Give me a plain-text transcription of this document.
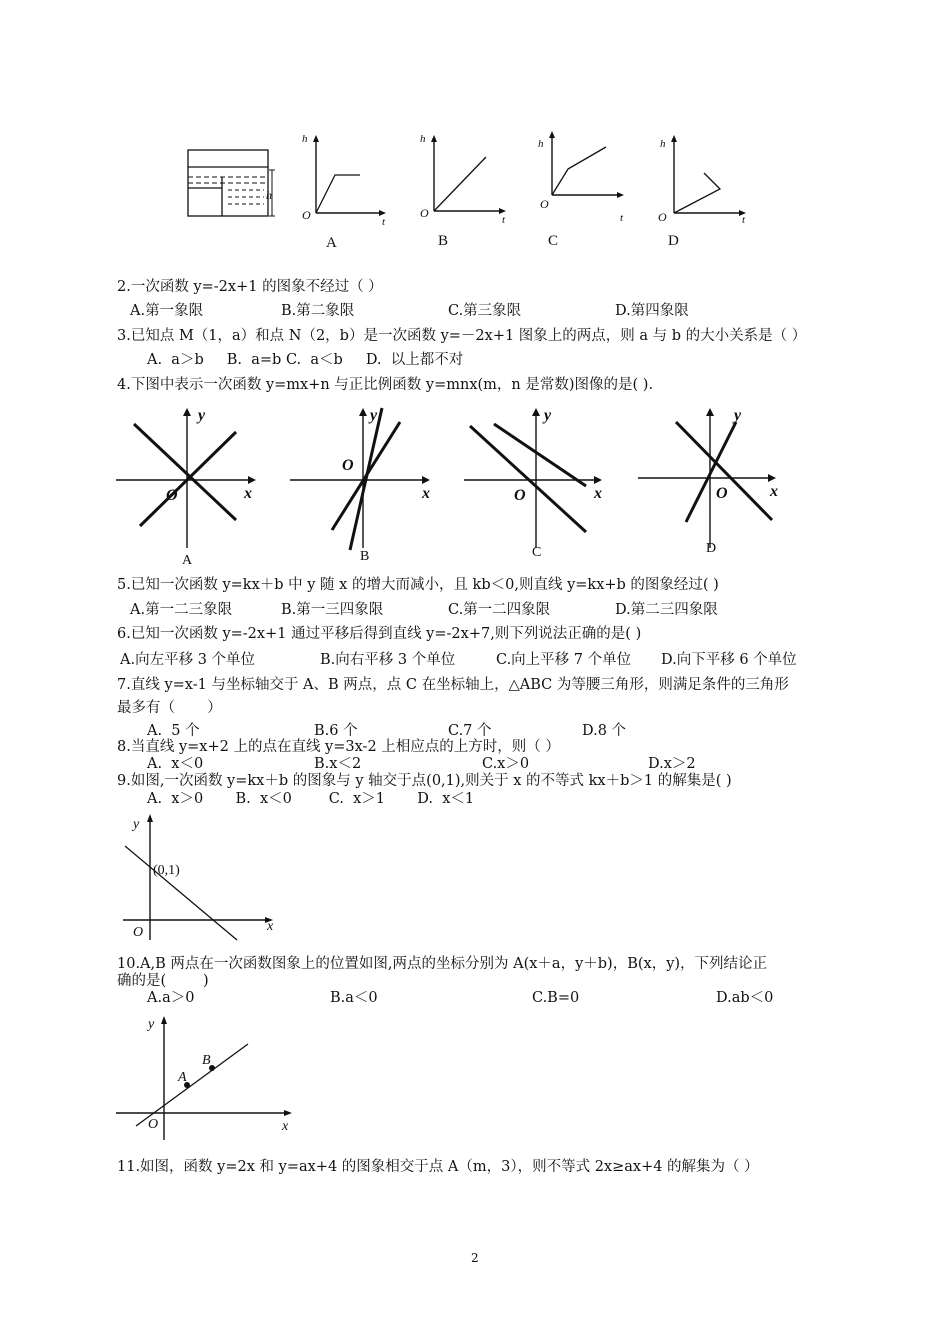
h
h
t
O
A
h
t
O
B
h
t
O
C
h
t
O
D
2.一次函数 y=-2x+1 的图象不经过（ ）
A.第一象限	B.第二象限	C.第三象限	D.第四象限
3.已知点 M（1，a）和点 N（2，b）是一次函数 y=－2x+1 图象上的两点，则 a 与 b 的大小关系是（ ）
A.  a＞b     B.  a=b C.  a＜b     D.  以上都不对
4.下图中表示一次函数 y=mx+n 与正比例函数 y=mnx(m，n 是常数)图像的是( ).
y
x
O
A
y
x
O
B
y
x
O
C
y
x
O
D
5.已知一次函数 y=kx＋b 中 y 随 x 的增大而减小，且 kb＜0,则直线 y=kx+b 的图象经过( )
A.第一二三象限	B.第一三四象限	C.第一二四象限	D.第二三四象限
6.已知一次函数 y=-2x+1 通过平移后得到直线 y=-2x+7,则下列说法正确的是( )
A.向左平移 3 个单位	B.向右平移 3 个单位	C.向上平移 7 个单位 D.向下平移 6 个单位
7.直线 y=x-1 与坐标轴交于 A、B 两点，点 C 在坐标轴上，△ABC 为等腰三角形，则满足条件的三角形
最多有（       ）
A.  5 个	B.6 个	C.7 个	D.8 个
8.当直线 y=x+2 上的点在直线 y=3x-2 上相应点的上方时，则（ ）
A.  x＜0	B.x＜2	C.x＞0	D.x＞2
9.如图,一次函数 y=kx＋b 的图象与 y 轴交于点(0,1),则关于 x 的不等式 kx＋b＞1 的解集是( )
A.  x＞0       B.  x＜0        C.  x＞1       D.  x＜1
y
x
O
(0,1)
10.A,B 两点在一次函数图象上的位置如图,两点的坐标分别为 A(x＋a，y＋b)，B(x，y)，下列结论正
确的是(        )
A.a＞0	B.a＜0	C.B=0	D.ab＜0
y
x
O
A
B
11.如图，函数 y=2x 和 y=ax+4 的图象相交于点 A（m，3），则不等式 2x≥ax+4 的解集为（ ）
2
